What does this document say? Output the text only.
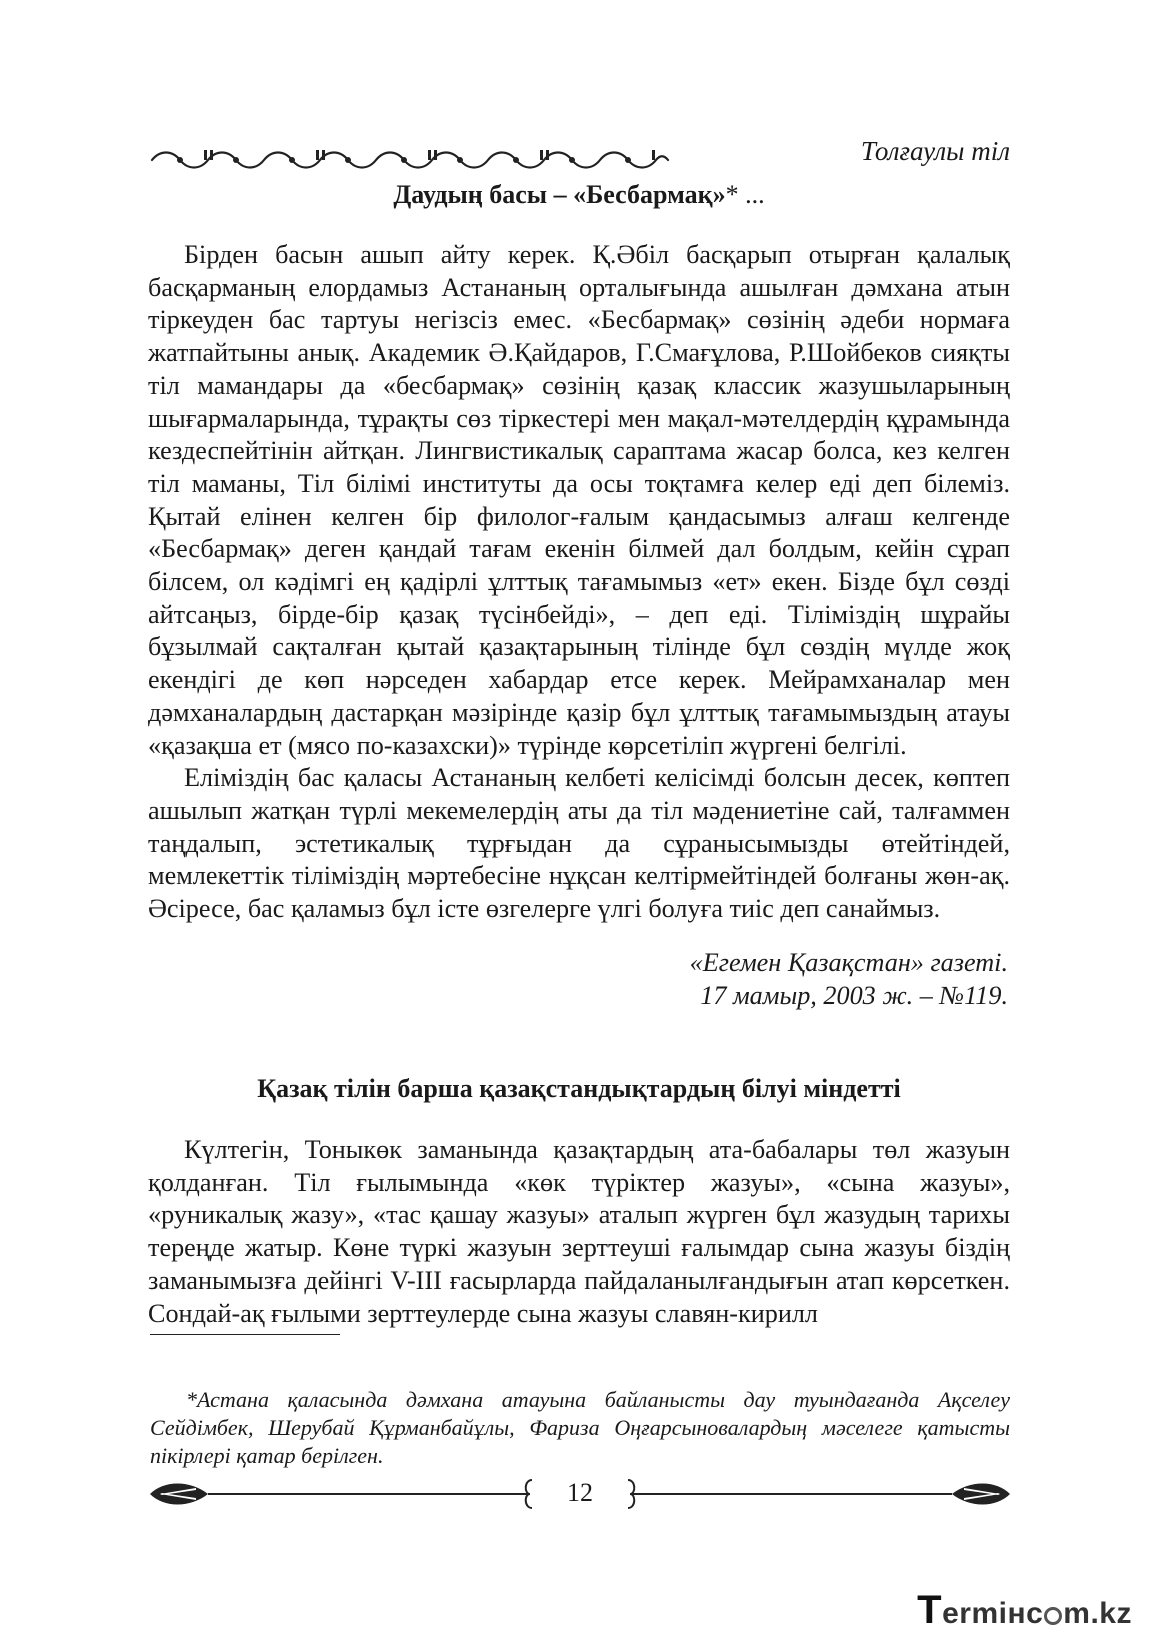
Толғаулы тіл
Даудың басы – «Бесбармақ»* ...

Бірден басын ашып айту керек. Қ.Әбіл басқарып отырған қалалық басқарманың елордамыз Астананың орталығында ашылған дәмхана атын тіркеуден бас тартуы негізсіз емес. «Бесбармақ» сөзінің әдеби нормаға жатпайтыны анық. Академик Ә.Қайдаров, Г.Смағұлова, Р.Шойбеков сияқты тіл мамандары да «бесбармақ» сөзінің қазақ классик жазушыларының шығармаларында, тұрақты сөз тіркестері мен мақал-мәтелдердің құрамында кездеспейтінін айтқан. Лингвистикалық сараптама жасар болса, кез келген тіл маманы, Тіл білімі институты да осы тоқтамға келер еді деп білеміз. Қытай елінен келген бір филолог-ғалым қандасымыз алғаш келгенде «Бесбармақ» деген қандай тағам екенін білмей дал болдым, кейін сұрап білсем, ол кәдімгі ең қадірлі ұлттық тағамымыз «ет» екен. Бізде бұл сөзді айтсаңыз, бірде-бір қазақ түсінбейді», – деп еді. Тіліміздің шұрайы бұзылмай сақталған қытай қазақтарының тілінде бұл сөздің мүлде жоқ екендігі де көп нәрседен хабардар етсе керек. Мейрамханалар мен дәмханалардың дастарқан мәзірінде қазір бұл ұлттық тағамымыздың атауы «қазақша ет (мясо по-казахски)» түрінде көрсетіліп жүргені белгілі.

Еліміздің бас қаласы Астананың келбеті келісімді болсын десек, көптеп ашылып жатқан түрлі мекемелердің аты да тіл мәдениетіне сай, талғаммен таңдалып, эстетикалық тұрғыдан да сұранысымызды өтейтіндей, мемлекеттік тіліміздің мәртебесіне нұқсан келтірмейтіндей болғаны жөн-ақ. Әсіресе, бас қаламыз бұл істе өзгелерге үлгі болуға тиіс деп санаймыз.

«Егемен Қазақстан» газеті.
17 мамыр, 2003 ж. – №119.
Қазақ тілін барша қазақстандықтардың білуі міндетті

Күлтегін, Тоныкөк заманында қазақтардың ата-бабалары төл жазуын қолданған. Тіл ғылымында «көк түріктер жазуы», «сына жазуы», «руникалық жазу», «тас қашау жазуы» аталып жүрген бұл жазудың тарихы тереңде жатыр. Көне түркі жазуын зерттеуші ғалымдар сына жазуы біздің заманымызға дейінгі V-III ғасырларда пайдаланылғандығын атап көрсеткен. Сондай-ақ ғылыми зерттеулерде сына жазуы славян-кирилл

*Астана қаласында дәмхана атауына байланысты дау туындағанда Ақселеу Сейдімбек, Шерубай Құрманбайұлы, Фариза Оңғарсыновалардың мәселеге қатысты пікірлері қатар берілген.

12
Termінc m.kz
